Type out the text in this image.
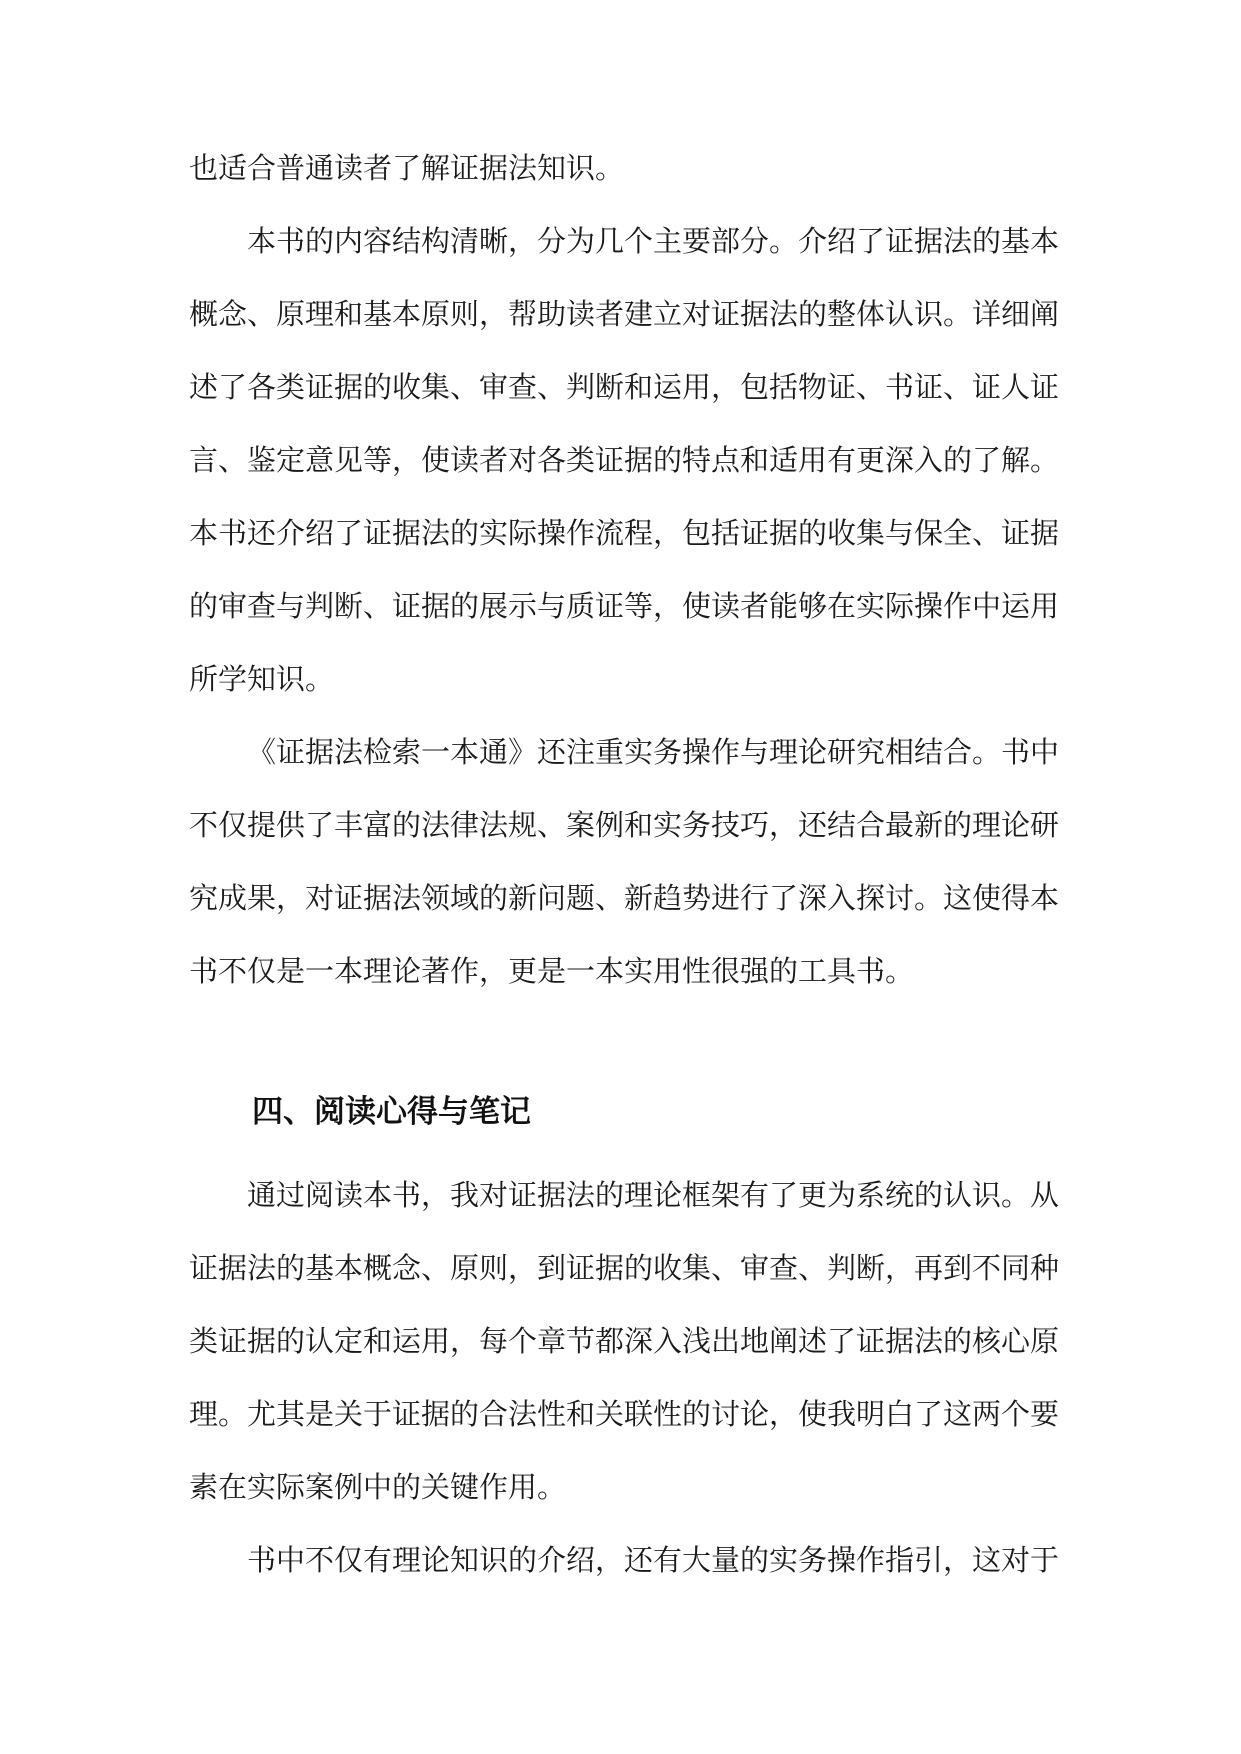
也适合普通读者了解证据法知识。

本书的内容结构清晰，分为几个主要部分。介绍了证据法的基本

概念、原理和基本原则，帮助读者建立对证据法的整体认识。详细阐

述了各类证据的收集、审查、判断和运用，包括物证、书证、证人证

言、鉴定意见等，使读者对各类证据的特点和适用有更深入的了解。

本书还介绍了证据法的实际操作流程，包括证据的收集与保全、证据

的审查与判断、证据的展示与质证等，使读者能够在实际操作中运用

所学知识。

《证据法检索一本通》还注重实务操作与理论研究相结合。书中

不仅提供了丰富的法律法规、案例和实务技巧，还结合最新的理论研

究成果，对证据法领域的新问题、新趋势进行了深入探讨。这使得本

书不仅是一本理论著作，更是一本实用性很强的工具书。

四、阅读心得与笔记

通过阅读本书，我对证据法的理论框架有了更为系统的认识。从

证据法的基本概念、原则，到证据的收集、审查、判断，再到不同种

类证据的认定和运用，每个章节都深入浅出地阐述了证据法的核心原

理。尤其是关于证据的合法性和关联性的讨论，使我明白了这两个要

素在实际案例中的关键作用。

书中不仅有理论知识的介绍，还有大量的实务操作指引，这对于
